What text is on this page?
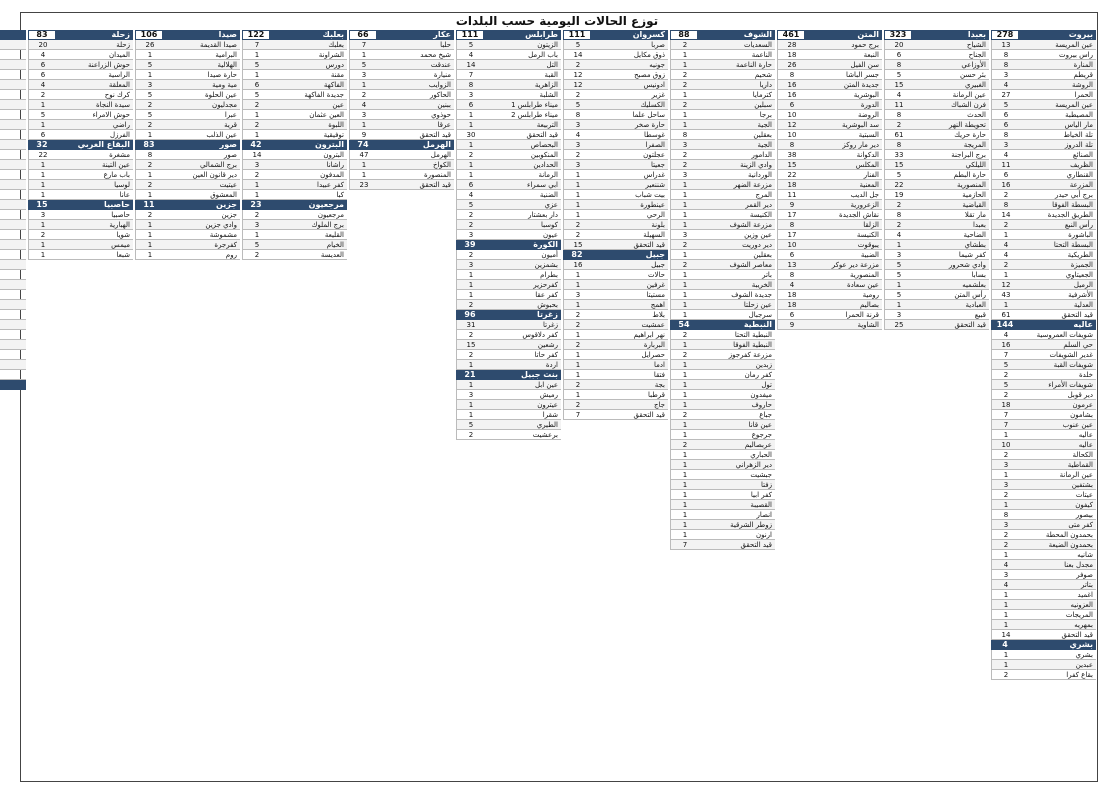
توزع الحالات اليومية حسب البلدات
بيروت
278
عين المريسة
13
راس بيروت
8
المنارة
8
قريطم
3
الروشة
4
الحمرا
27
عين المريسة
5
المصيطبة
6
مار الياس
6
تلة الخياط
8
تلة الدروز
3
الصنائع
4
الظريف
11
القنطاري
6
المزرعة
16
برج أبي حيدر
2
البسطة الفوقا
8
الطريق الجديدة
14
رأس النبع
2
الباشورة
1
البسطة التحتا
4
الطريكية
4
الجميزة
2
الجعيتاوي
1
الرميل
12
الأشرفية
43
العدلية
1
قيد التحقق
61
عاليه
144
شويفات العمروسية
4
حي السلم
16
غدير الشويفات
7
شويفات القبة
5
خلدة
2
شويفات الأمراء
5
دير قوبل
2
عرمون
18
بشامون
7
عين عنوب
7
عاليه
1
عاليه
10
الكحالة
2
القماطية
3
عين الرمانة
1
بشتفين
3
عيتات
2
كيفون
1
بيصور
8
كفر متى
3
بحمدون المحطة
2
بحمدون الضيعة
2
شانيه
1
مجدل بعنا
4
صوفر
3
بتاتر
4
اغميد
1
العزونيه
1
المريجات
1
بمهريه
1
قيد التحقق
14
بشري
4
بشري
1
عبدين
1
بقاع كفرا
2
بعبدا
323
الشياح
20
الجناح
6
الأوزاعي
8
بئر حسن
5
الغبيري
15
عين الرمانة
4
فرن الشباك
11
الحدث
8
تحويطة النهر
2
حارة حريك
61
المريجة
8
برج البراجنة
33
الليلكي
15
حارة البطم
5
المنصورية
22
الحازمية
19
القياضية
2
مار تقلا
8
بعبدا
2
الضاحية
4
بطشاي
1
كفر شيما
3
وادي شحرور
5
بسابا
5
بعلشميه
1
رأس المتن
5
العبادية
1
قبيع
3
قيد التحقق
25
المتن
461
برج حمود
28
النبعة
18
سن الفيل
26
جسر الباشا
8
جديدة المتن
16
البوشرية
16
الدورة
6
الروضة
10
سد البوشرية
12
السبتية
10
دير مار روكز
8
الدكوانة
38
المكلس
15
الفنار
22
المعنية
18
جل الديب
11
الزعرورية
9
نقاش الجديدة
17
الزلقا
8
الكنيسة
17
يبوقوت
10
الضبية
6
مزرعة دير عوكر
13
المنصورية
8
عين سعادة
4
رومية
18
بصاليم
18
قرنة الحمرا
6
الشاوية
9
الشوف
88
السعديات
2
الناعمة
1
حارة الناعمة
1
شحيم
2
داريا
2
كترمايا
1
سبلين
2
برجا
1
الجية
1
بعقلين
8
الجية
3
الدامور
2
وادي الزينة
2
الوردانية
3
مزرعة الضهر
1
المرج
1
دير القمر
1
الكنيسة
1
مزرعة الشوف
1
عين وزين
3
دير دوريت
2
بعقلين
1
معاصر الشوف
2
باتر
1
الخريبة
1
جديدة الشوف
1
عين زحلتا
1
سرجبال
1
النبطية
54
النبطية التحتا
2
النبطية الفوقا
1
مزرعة كفرجوز
2
زبدين
1
كفر رمان
1
تول
1
ميفدون
1
حاروف
1
جباع
2
عين قانا
1
جرجوع
1
عربصاليم
2
الحباري
1
دير الزهراني
1
جبشيت
1
زفتا
1
كفر ابيا
1
القصيبة
1
انصار
1
زوطر الشرقية
1
ارنون
1
قيد التحقق
7
كسروان
111
صربا
5
ذوق مكايل
14
جونيه
2
زوق مصبح
12
ادونيس
12
غزير
2
الكسليك
5
ساحل علما
8
حارة صخر
3
غوسطا
4
الصفرا
3
عجلتون
2
جعيتا
3
غدراس
1
شننعير
1
بيت شباب
1
عينطورة
1
الرحي
1
بلونة
2
السهيلة
2
قيد التحقق
15
جبيل
82
جبيل
16
حالات
1
غرفين
1
مستيتا
3
اهمج
1
بلاط
2
عمشيت
2
نهر ابراهيم
1
البربارة
2
حصرايل
1
ادما
1
فتقا
1
بجة
2
قرطبا
1
جاج
2
قيد التحقق
7
طرابلس
111
الزيتون
5
باب الرمل
4
التل
14
القبة
7
الزاهرية
8
الشلبة
3
ميناء طرابلس 1
6
ميناء طرابلس 2
1
التربيعة
1
قيد التحقق
30
البحصاص
1
المنكوبين
2
الحدادين
1
الرمانة
1
ابي سمراء
6
الضنية
4
عزي
5
دار بعشتار
2
كوسبا
2
عيون
3
الكورة
39
أميون
2
بشمزين
3
بطرام
1
كفرحزير
1
كفر عقا
1
بحبوش
2
زغرتا
96
زغرتا
31
كفر دلاقوس
2
رشعين
15
كفر حاتا
2
اردة
1
بنت جبيل
21
عين ابل
1
رميش
3
عيترون
1
شقرا
1
الطيري
5
برعشيت
2
عكار
66
حلبا
7
شيخ محمد
1
عندقت
5
منيارة
3
الزوايب
1
الحاكور
2
ببنين
4
حوذوي
3
عرقا
1
قيد التحقق
9
الهرمل
74
الهرمل
47
الكواخ
1
المنصورة
1
قيد التحقق
23
بعلبك
122
بعلبك
7
الشراونة
1
دورس
5
مقنة
1
الفاكهة
6
جديدة الفاكهة
5
عين
2
العين عثمان
1
اللبوة
2
توفيقية
1
البترون
42
البترون
14
راشانا
3
المدفون
2
كفر عبيدا
1
كبا
1
مرجعيون
23
مرجعيون
2
برج الملوك
3
القليعة
1
الخيام
5
العديسة
2
صيدا
106
صيدا القديمة
26
البرامية
1
الهلالية
5
حارة صيدا
1
مية ومية
3
عين الحلوة
5
مجدليون
2
عبرا
5
قرية
2
عين الذلب
1
صور
83
صور
8
برج الشمالي
2
دير قانون العين
1
عيتيت
2
المعشوق
1
جزين
11
جزين
2
وادي جزين
1
مشموشة
1
كفرجرة
1
روم
1
زحلة
83
زحلة
20
الميدان
4
حوش الزراعنة
6
الراسية
6
المعلقة
4
كرك نوح
2
سيدة النجاة
1
حوش الامراء
5
راضي
1
الفرزل
6
البقاع الغربي
32
مشغرة
22
عين التينة
1
باب مارع
1
لوسيا
1
عانا
1
حاصبيا
15
حاصبيا
3
الهبارية
1
شويا
2
ميمس
1
شبعا
1
